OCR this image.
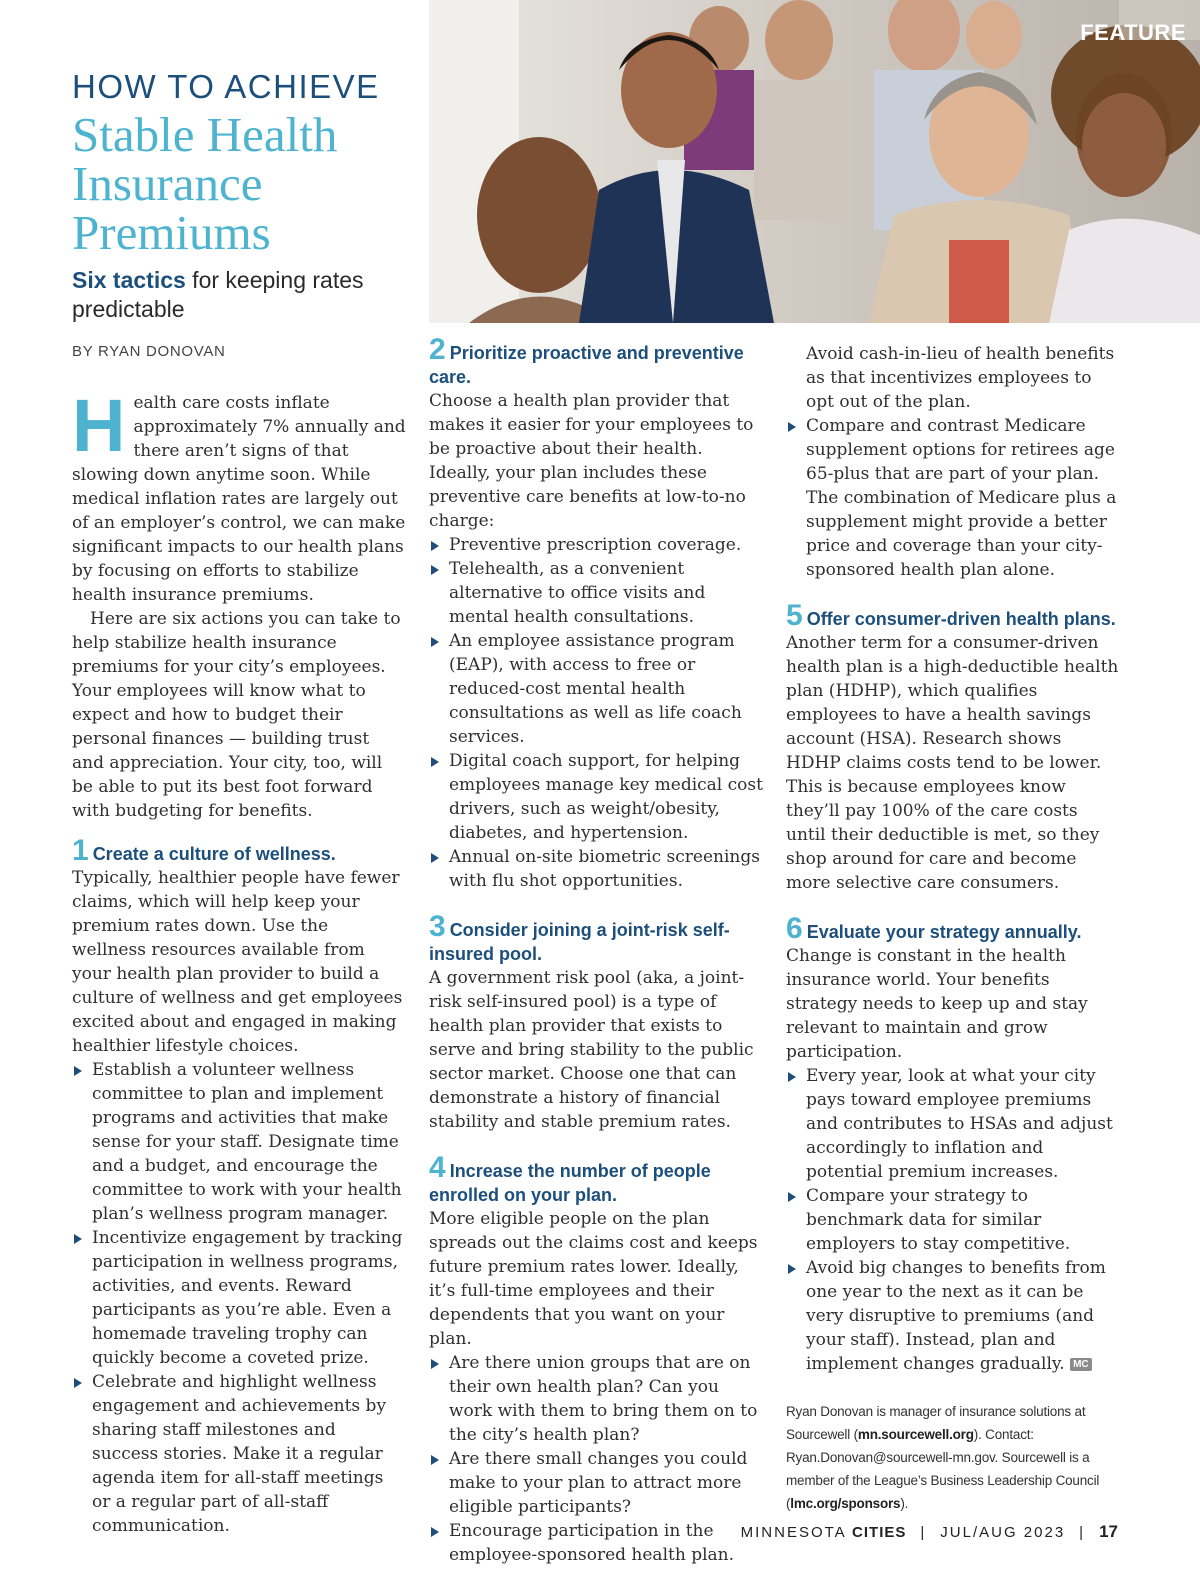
HOW TO ACHIEVE
Stable Health
Insurance
Premiums
Six tactics for keeping rates predictable
BY RYAN DONOVAN
FEATURE

Health care costs inflate approximately 7% annually and there aren’t signs of that slowing down anytime soon. While medical inflation rates are largely out of an employer’s control, we can make significant impacts to our health plans by focusing on efforts to stabilize health insurance premiums.

Here are six actions you can take to help stabilize health insurance premiums for your city’s employees. Your employees will know what to expect and how to budget their personal finances — building trust and appreciation. Your city, too, will be able to put its best foot forward with budgeting for benefits.

1 Create a culture of wellness.

Typically, healthier people have fewer claims, which will help keep your premium rates down. Use the wellness resources available from your health plan provider to build a culture of wellness and get employees excited about and engaged in making healthier lifestyle choices.

Establish a volunteer wellness committee to plan and implement programs and activities that make sense for your staff. Designate time and a budget, and encourage the committee to work with your health plan’s wellness program manager.
Incentivize engagement by tracking participation in wellness programs, activities, and events. Reward participants as you’re able. Even a homemade traveling trophy can quickly become a coveted prize.
Celebrate and highlight wellness engagement and achievements by sharing staff milestones and success stories. Make it a regular agenda item for all-staff meetings or a regular part of all-staff communication.
2 Prioritize proactive and preventive care.

Choose a health plan provider that makes it easier for your employees to be proactive about their health. Ideally, your plan includes these preventive care benefits at low-to-no charge:

Preventive prescription coverage.
Telehealth, as a convenient alternative to office visits and mental health consultations.
An employee assistance program (EAP), with access to free or reduced-cost mental health consultations as well as life coach services.
Digital coach support, for helping employees manage key medical cost drivers, such as weight/obesity, diabetes, and hypertension.
Annual on-site biometric screenings with flu shot opportunities.
3 Consider joining a joint-risk self-insured pool.

A government risk pool (aka, a joint-risk self-insured pool) is a type of health plan provider that exists to serve and bring stability to the public sector market. Choose one that can demonstrate a history of financial stability and stable premium rates.

4 Increase the number of people enrolled on your plan.

More eligible people on the plan spreads out the claims cost and keeps future premium rates lower. Ideally, it’s full-time employees and their dependents that you want on your plan.

Are there union groups that are on their own health plan? Can you work with them to bring them on to the city’s health plan?
Are there small changes you could make to your plan to attract more eligible participants?
Encourage participation in the employee-sponsored health plan.

Avoid cash-in-lieu of health benefits as that incentivizes employees to opt out of the plan.

Compare and contrast Medicare supplement options for retirees age 65-plus that are part of your plan. The combination of Medicare plus a supplement might provide a better price and coverage than your city-sponsored health plan alone.
5 Offer consumer-driven health plans.

Another term for a consumer-driven health plan is a high-deductible health plan (HDHP), which qualifies employees to have a health savings account (HSA). Research shows HDHP claims costs tend to be lower. This is because employees know they’ll pay 100% of the care costs until their deductible is met, so they shop around for care and become more selective care consumers.

6 Evaluate your strategy annually.

Change is constant in the health insurance world. Your benefits strategy needs to keep up and stay relevant to maintain and grow participation.

Every year, look at what your city pays toward employee premiums and contributes to HSAs and adjust accordingly to inflation and potential premium increases.
Compare your strategy to benchmark data for similar employers to stay competitive.
Avoid big changes to benefits from one year to the next as it can be very disruptive to premiums (and your staff). Instead, plan and implement changes gradually. MC
Ryan Donovan is manager of insurance solutions at Sourcewell (mn.sourcewell.org). Contact: Ryan.Donovan@sourcewell-mn.gov. Sourcewell is a member of the League’s Business Leadership Council (lmc.org/sponsors).
MINNESOTA CITIES | JUL/AUG 2023 | 17
